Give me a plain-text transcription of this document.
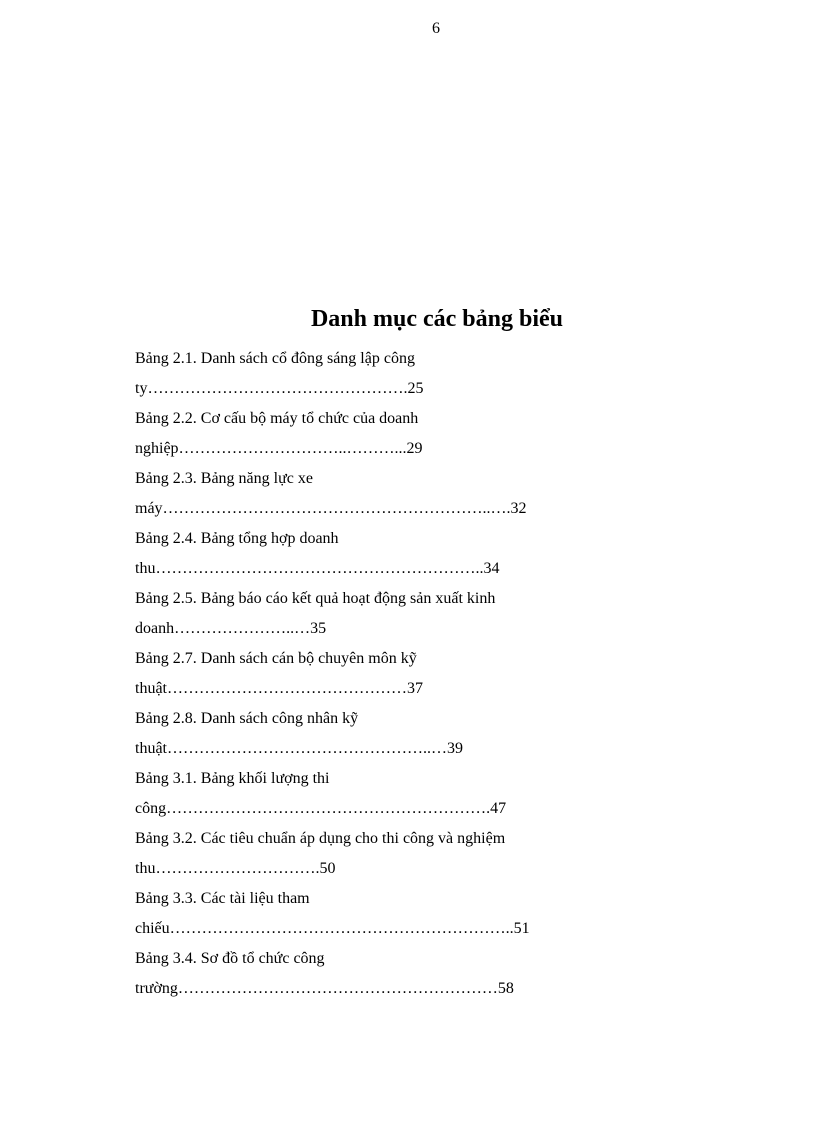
6
Danh mục các bảng biểu
Bảng 2.1. Danh sách cổ đông sáng lập công
ty………………………………………….25
Bảng 2.2. Cơ cấu bộ máy tổ chức của doanh
nghiệp…………………………..………...29
Bảng 2.3. Bảng năng lực xe
máy……………………………………………………..….32
Bảng 2.4. Bảng tổng hợp doanh
thu……………………………………………………..34
Bảng 2.5. Bảng báo cáo kết quả hoạt động sản xuất kinh
doanh…………………..…35
Bảng 2.7. Danh sách cán bộ chuyên môn kỹ
thuật………………………………………37
Bảng 2.8. Danh sách công nhân kỹ
thuật…………………………………………..…39
Bảng 3.1. Bảng khối lượng thi
công…………………………………………………….47
Bảng 3.2. Các tiêu chuẩn áp dụng cho thi công và nghiệm
thu………………………….50
Bảng 3.3. Các tài liệu tham
chiếu………………………………………………………..51
Bảng 3.4. Sơ đồ tổ chức công
trường……………………………………………………58
